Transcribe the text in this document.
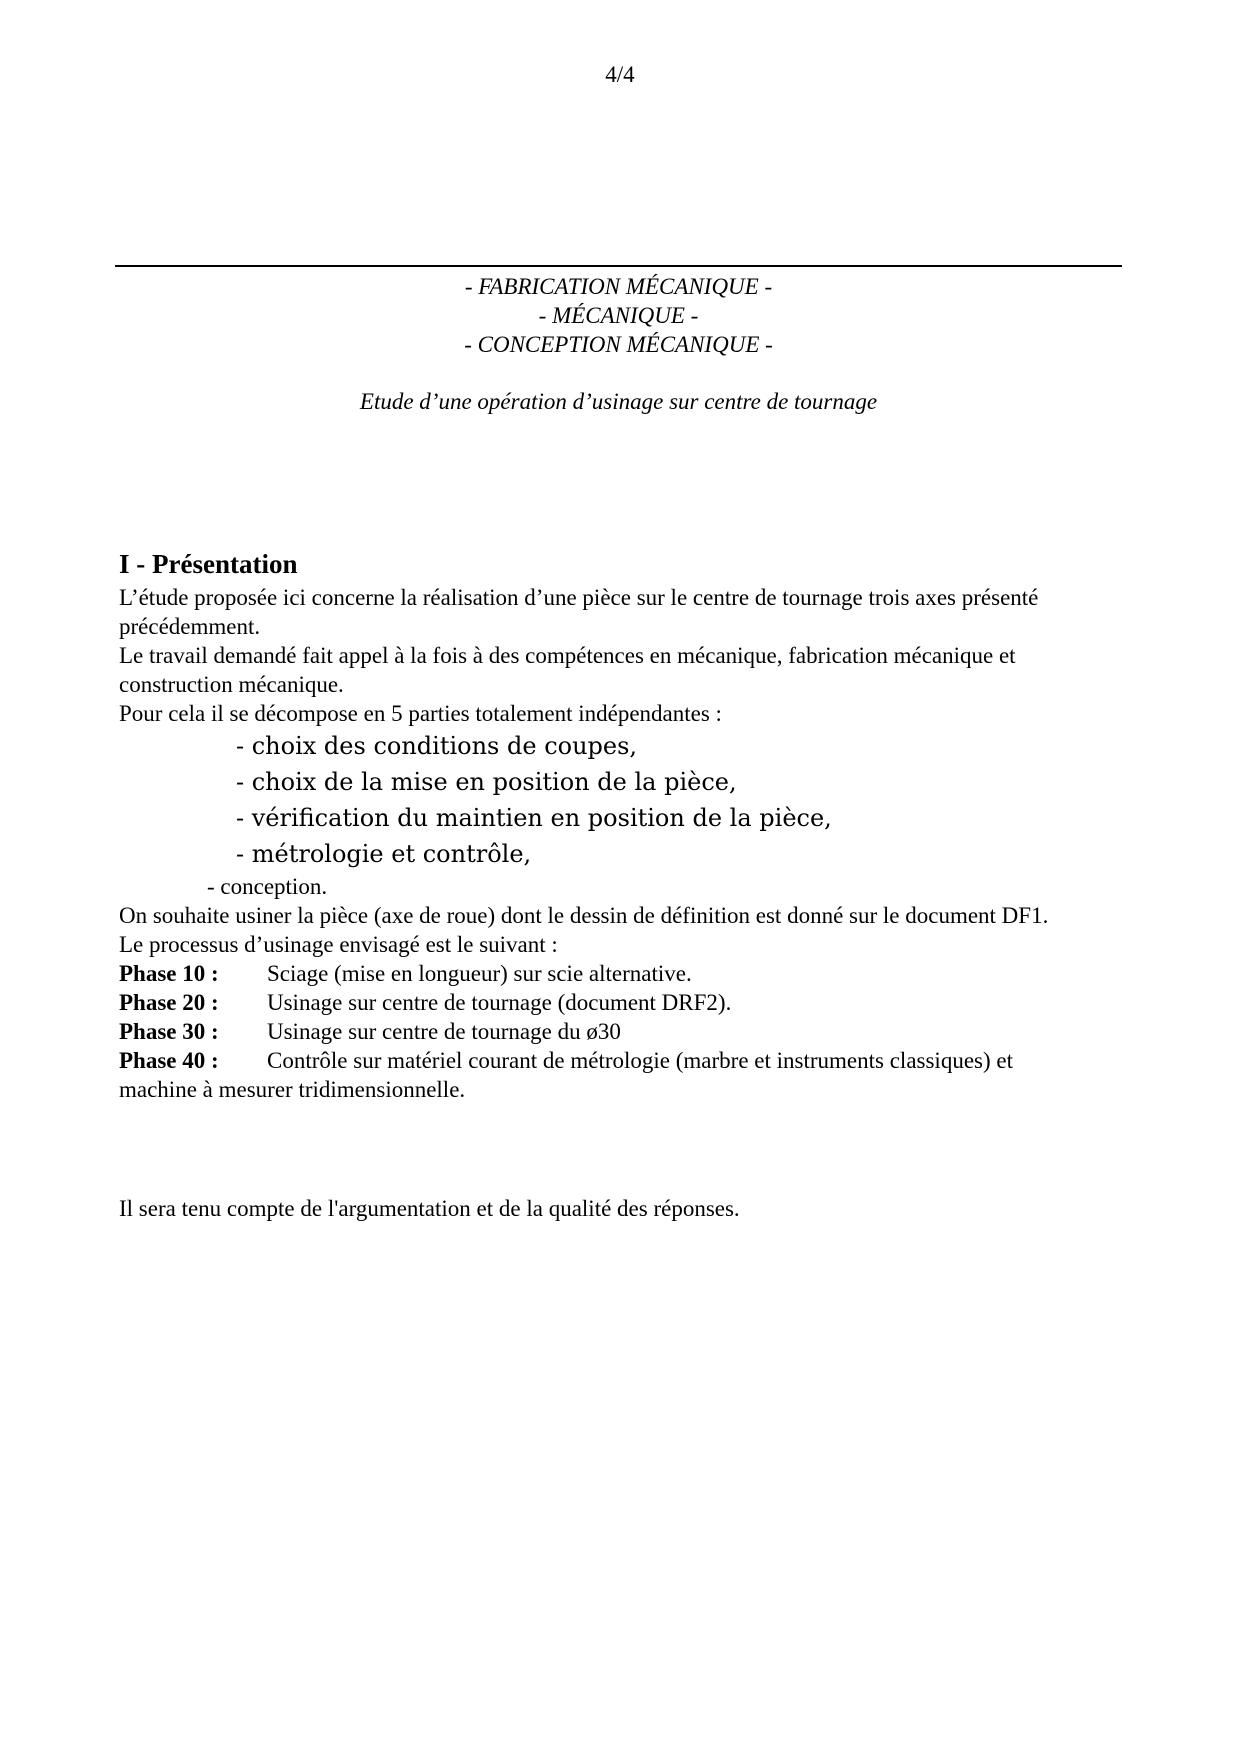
4/4
- FABRICATION MÉCANIQUE -
- MÉCANIQUE -
- CONCEPTION MÉCANIQUE -
Etude d’une opération d’usinage sur centre de tournage
I - Présentation

L’étude proposée ici concerne la réalisation d’une pièce sur le centre de tournage trois axes présenté précédemment.

Le travail demandé fait appel à la fois à des compétences en mécanique, fabrication mécanique et construction mécanique.

Pour cela il se décompose en 5 parties totalement indépendantes :

- choix des conditions de coupes,
- choix de la mise en position de la pièce,
- vérification du maintien en position de la pièce,
- métrologie et contrôle,
- conception.

On souhaite usiner la pièce (axe de roue) dont le dessin de définition est donné sur le document DF1.

Le processus d’usinage envisagé est le suivant :

Phase 10 :	Sciage (mise en longueur) sur scie alternative.
Phase 20 :	Usinage sur centre de tournage (document DRF2).
Phase 30 :	Usinage sur centre de tournage du ø30
Phase 40 :	Contrôle sur matériel courant de métrologie (marbre et instruments classiques) et
machine à mesurer tridimensionnelle.
Il sera tenu compte de l'argumentation et de la qualité des réponses.
